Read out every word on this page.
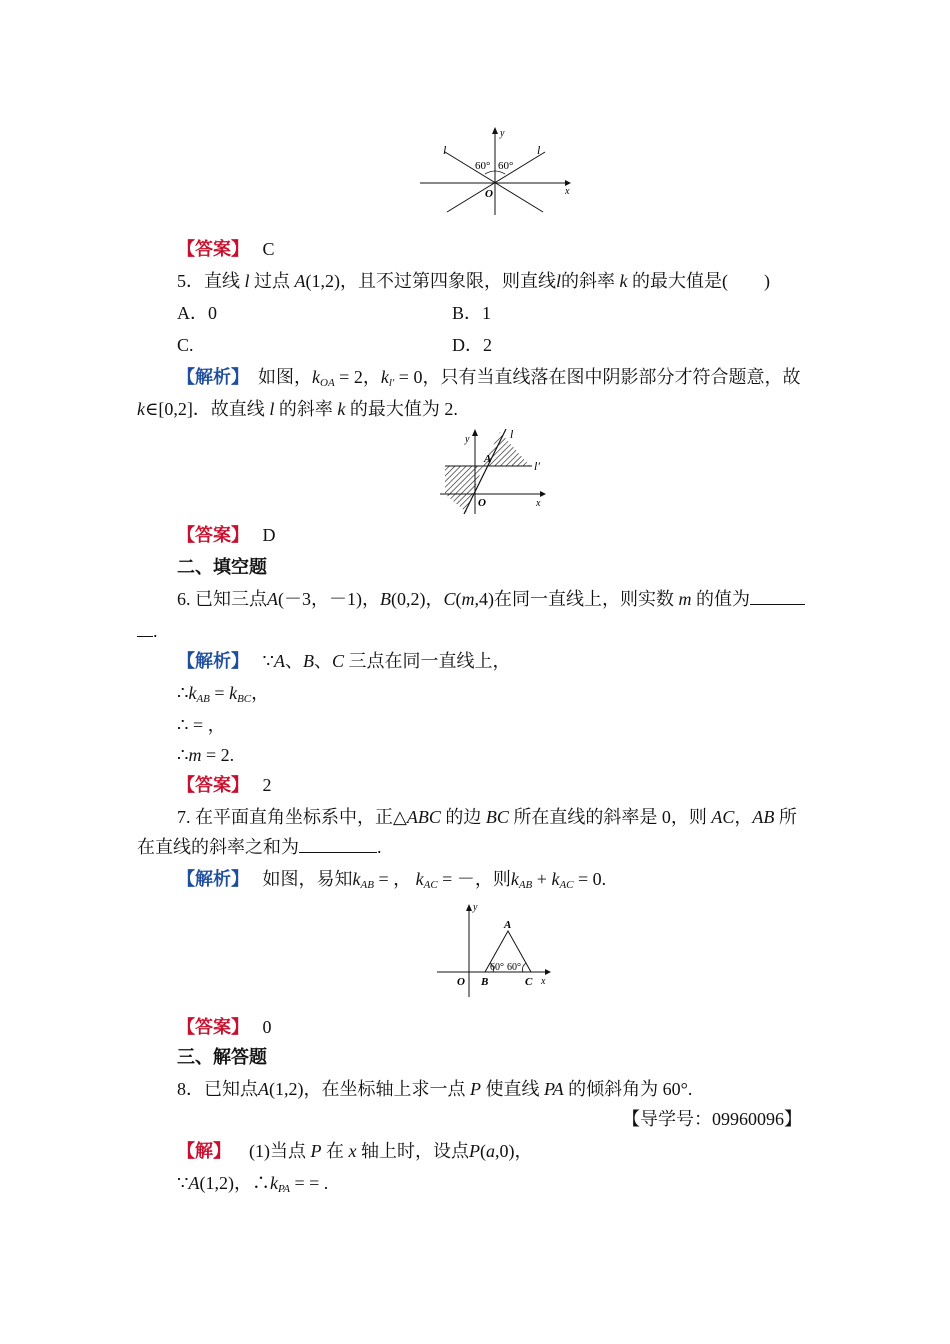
y
x
O
l	l
60° 60°
【答案】 C
5．直线 l 过点 A(1,2)，且不过第四象限，则直线l的斜率 k 的最大值是(　　)
A．0	B．1
C.	D．2
【解析】 如图，$k_{OA} = 2$，$k_{l'} = 0$，只有当直线落在图中阴影部分才符合题意，故
k∈[0,2]．故直线 l 的斜率 k 的最大值为 2.
y
x
O
A
l
l′
【答案】 D
二、填空题
6. 已知三点A(－3，－1)，B(0,2)，C(m,4)在同一直线上，则实数 m 的值为
.
【解析】 ∵A、B、C 三点在同一直线上，
$\therefore k_{AB} = k_{BC}$，
∴ = ，
∴m = 2.
【答案】 2
7. 在平面直角坐标系中，正△ABC 的边 BC 所在直线的斜率是 0，则 AC，AB 所
在直线的斜率之和为	.
【解析】 如图，易知$k_{AB}$ = ， $k_{AC}$ = －，则$k_{AB} + k_{AC} = 0$.
y
x
O
A
B	C
60° 60°
【答案】 0
三、解答题
8．已知点A(1,2)，在坐标轴上求一点 P 使直线 PA 的倾斜角为 60°.
【导学号：09960096】
【解】 (1)当点 P 在 x 轴上时，设点P(a,0)，
∵A(1,2)，$\therefore k_{PA}$ = = .
